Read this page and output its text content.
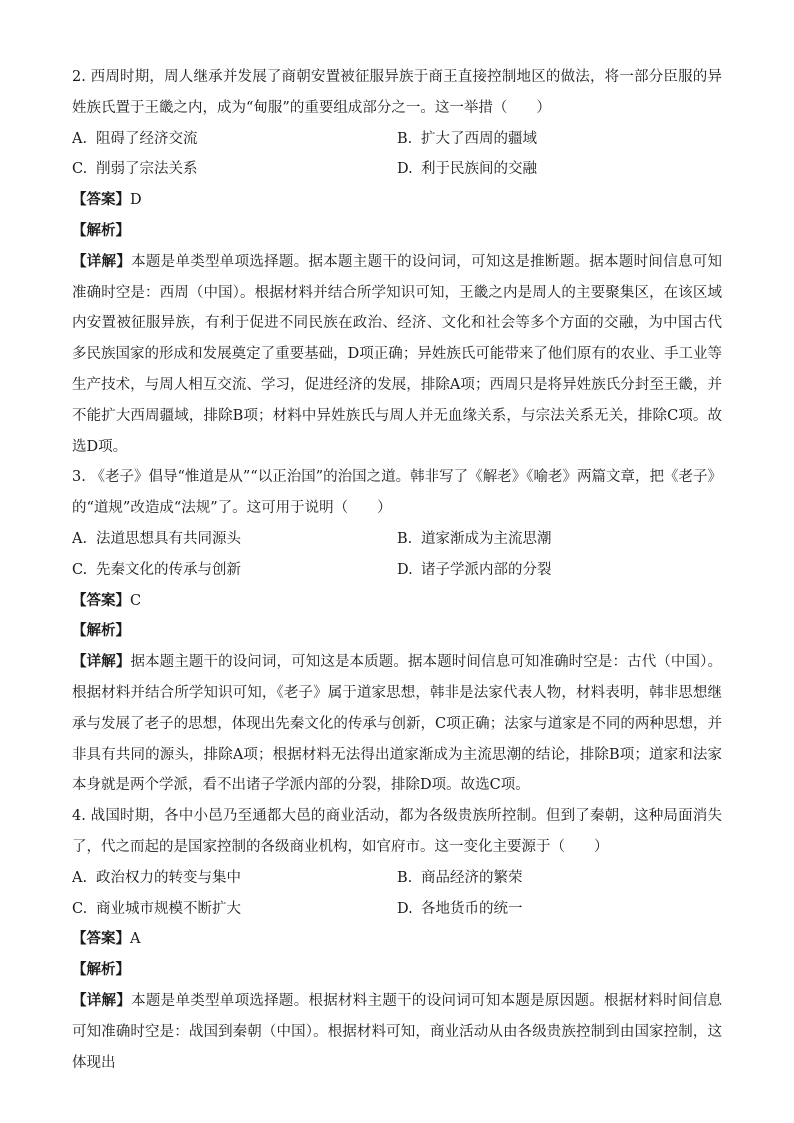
2. 西周时期，周人继承并发展了商朝安置被征服异族于商王直接控制地区的做法，将一部分臣服的异姓族氏置于王畿之内，成为“甸服”的重要组成部分之一。这一举措（　　）

A. 阻碍了经济交流	B. 扩大了西周的疆域
C. 削弱了宗法关系	D. 利于民族间的交融

【答案】D

【解析】

【详解】本题是单类型单项选择题。据本题主题干的设问词，可知这是推断题。据本题时间信息可知准确时空是：西周（中国）。根据材料并结合所学知识可知，王畿之内是周人的主要聚集区，在该区域内安置被征服异族，有利于促进不同民族在政治、经济、文化和社会等多个方面的交融，为中国古代多民族国家的形成和发展奠定了重要基础，D项正确；异姓族氏可能带来了他们原有的农业、手工业等生产技术，与周人相互交流、学习，促进经济的发展，排除A项；西周只是将异姓族氏分封至王畿，并不能扩大西周疆域，排除B项；材料中异姓族氏与周人并无血缘关系，与宗法关系无关，排除C项。故选D项。

3. 《老子》倡导“惟道是从”“以正治国”的治国之道。韩非写了《解老》《喻老》两篇文章，把《老子》的“道规”改造成“法规”了。这可用于说明（　　）

A. 法道思想具有共同源头	B. 道家渐成为主流思潮
C. 先秦文化的传承与创新	D. 诸子学派内部的分裂

【答案】C

【解析】

【详解】据本题主题干的设问词，可知这是本质题。据本题时间信息可知准确时空是：古代（中国）。根据材料并结合所学知识可知，《老子》属于道家思想，韩非是法家代表人物，材料表明，韩非思想继承与发展了老子的思想，体现出先秦文化的传承与创新，C项正确；法家与道家是不同的两种思想，并非具有共同的源头，排除A项；根据材料无法得出道家渐成为主流思潮的结论，排除B项；道家和法家本身就是两个学派，看不出诸子学派内部的分裂，排除D项。故选C项。

4. 战国时期，各中小邑乃至通都大邑的商业活动，都为各级贵族所控制。但到了秦朝，这种局面消失了，代之而起的是国家控制的各级商业机构，如官府市。这一变化主要源于（　　）

A. 政治权力的转变与集中	B. 商品经济的繁荣
C. 商业城市规模不断扩大	D. 各地货币的统一

【答案】A

【解析】

【详解】本题是单类型单项选择题。根据材料主题干的设问词可知本题是原因题。根据材料时间信息可知准确时空是：战国到秦朝（中国）。根据材料可知，商业活动从由各级贵族控制到由国家控制，这体现出
